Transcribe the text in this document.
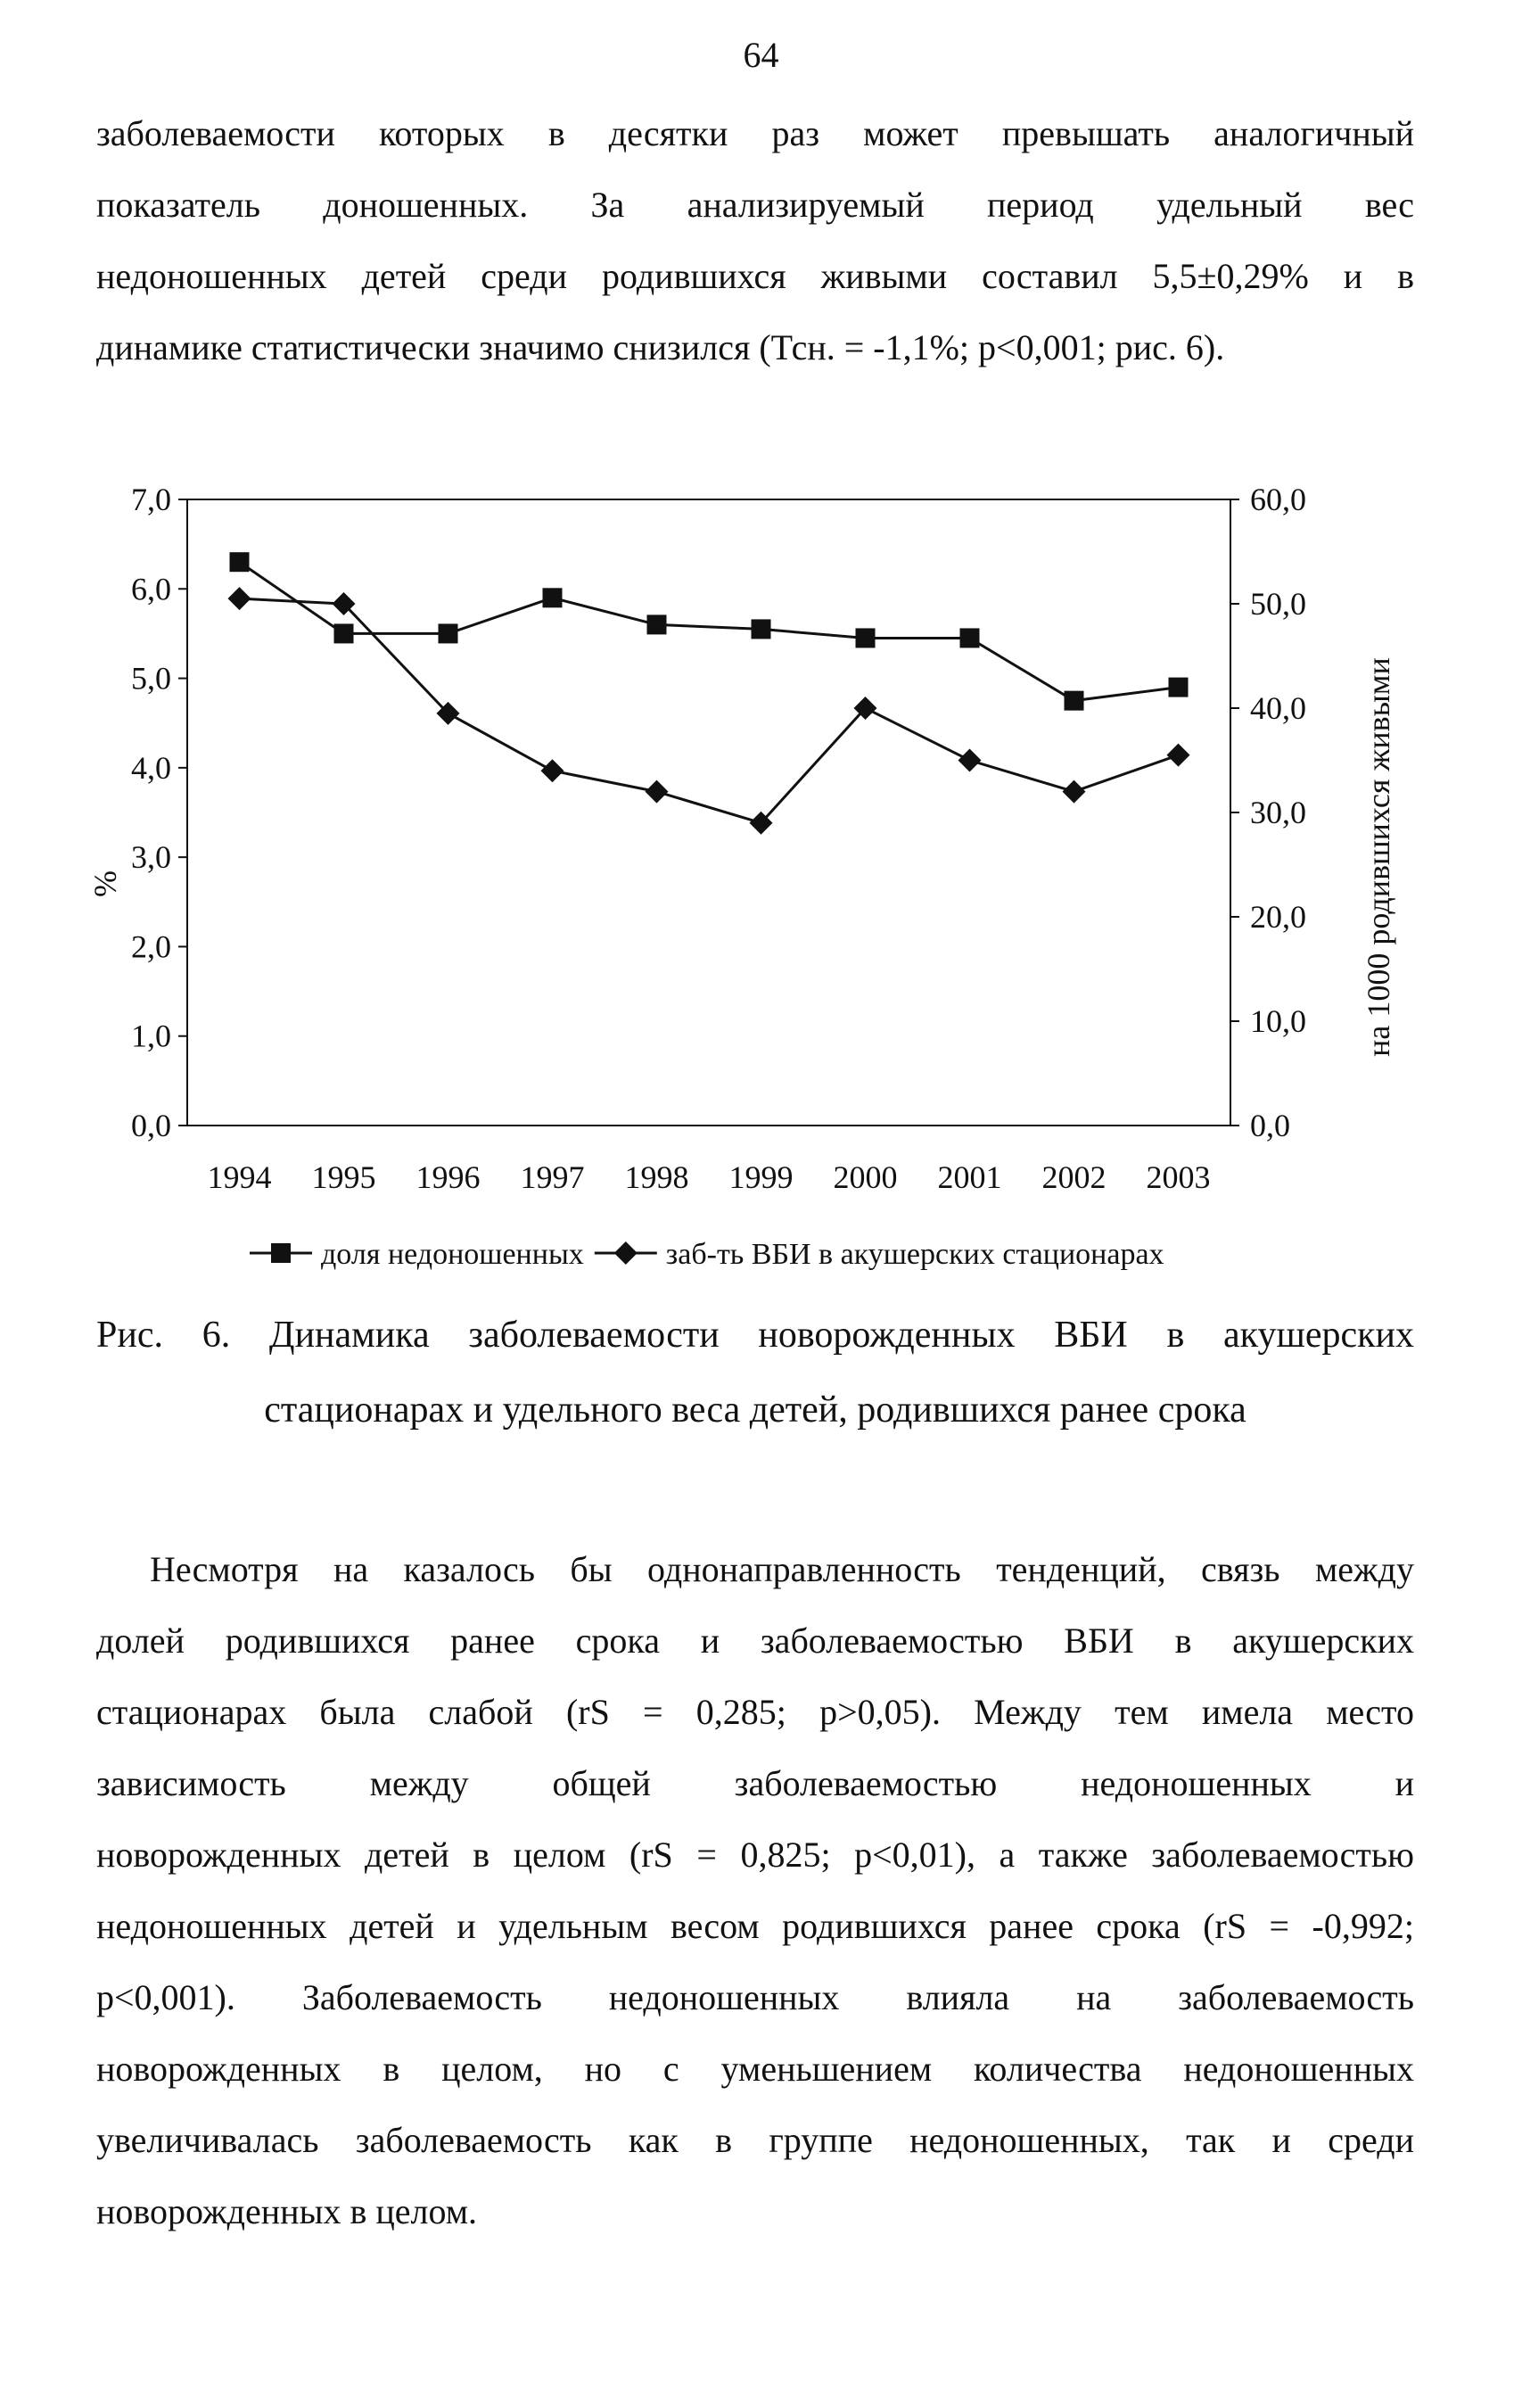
64
заболеваемости которых в десятки раз может превышать аналогичный
показатель доношенных. За анализируемый период удельный вес
недоношенных детей среди родившихся живыми составил 5,5±0,29% и в
динамике статистически значимо снизился (Тсн. = -1,1%; p<0,001; рис. 6).
0,0
1,0
2,0
3,0
4,0
5,0
6,0
7,0
0,0
10,0
20,0
30,0
40,0
50,0
60,0
1994 1995 1996 1997 1998 1999 2000 2001 2002 2003
%	на 1000 родившихся живыми
доля недоношенных	заб-ть ВБИ в акушерских стационарах
Рис. 6. Динамика заболеваемости новорожденных ВБИ в акушерских
стационарах и удельного веса детей, родившихся ранее срока
Несмотря на казалось бы однонаправленность тенденций, связь между
долей родившихся ранее срока и заболеваемостью ВБИ в акушерских
стационарах была слабой (rS = 0,285; p>0,05). Между тем имела место
зависимость между общей заболеваемостью недоношенных и
новорожденных детей в целом (rS = 0,825; p<0,01), а также заболеваемостью
недоношенных детей и удельным весом родившихся ранее срока (rS = -0,992;
p<0,001). Заболеваемость недоношенных влияла на заболеваемость
новорожденных в целом, но с уменьшением количества недоношенных
увеличивалась заболеваемость как в группе недоношенных, так и среди
новорожденных в целом.
